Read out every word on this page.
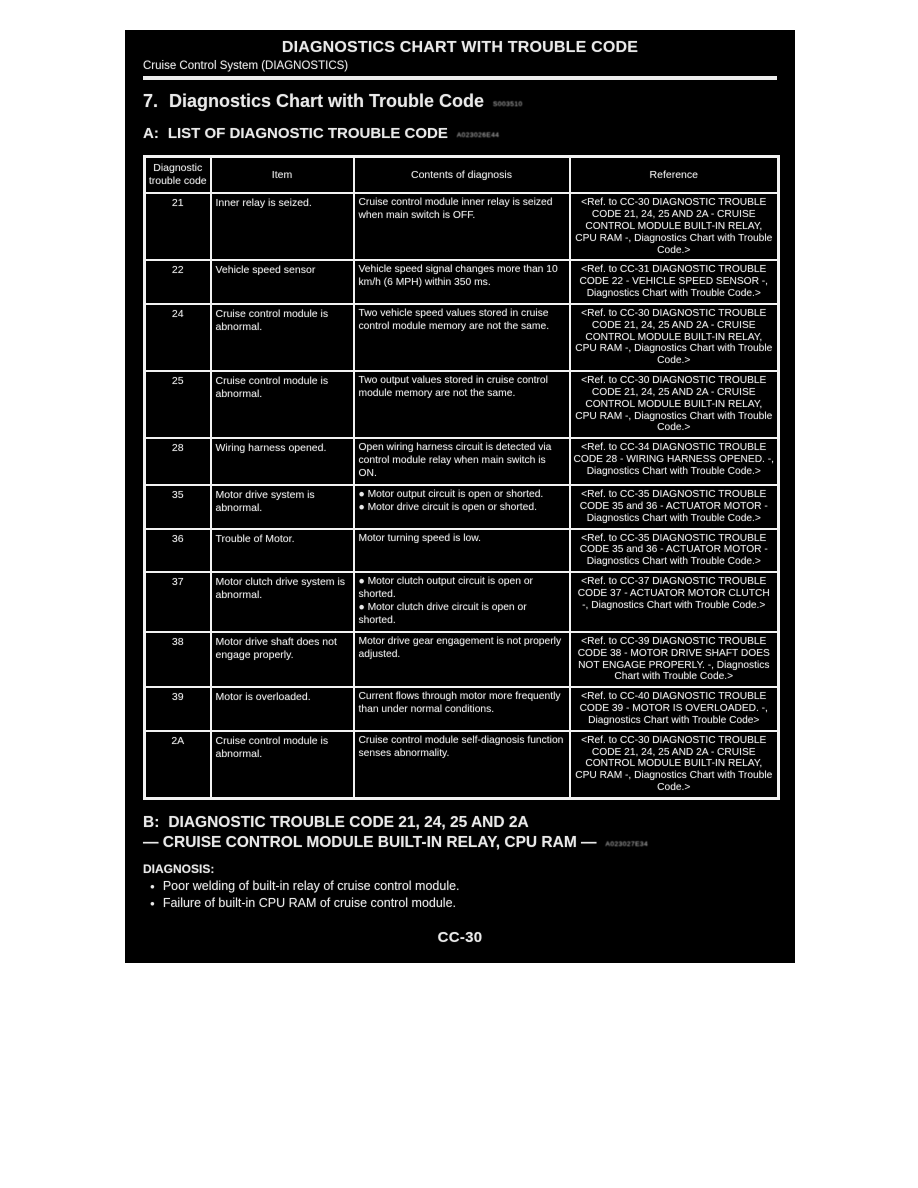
DIAGNOSTICS CHART WITH TROUBLE CODE
Cruise Control System (DIAGNOSTICS)
7. Diagnostics Chart with Trouble Code S003510
A: LIST OF DIAGNOSTIC TROUBLE CODE A023026E44
Diagnostic trouble code	Item	Contents of diagnosis	Reference
21	Inner relay is seized.	Cruise control module inner relay is seized when main switch is OFF.	<Ref. to CC-30 DIAGNOSTIC TROUBLE CODE 21, 24, 25 AND 2A - CRUISE CONTROL MODULE BUILT-IN RELAY, CPU RAM -, Diagnostics Chart with Trouble Code.>
22	Vehicle speed sensor	Vehicle speed signal changes more than 10 km/h (6 MPH) within 350 ms.	<Ref. to CC-31 DIAGNOSTIC TROUBLE CODE 22 - VEHICLE SPEED SENSOR -, Diagnostics Chart with Trouble Code.>
24	Cruise control module is abnormal.	Two vehicle speed values stored in cruise control module memory are not the same.	<Ref. to CC-30 DIAGNOSTIC TROUBLE CODE 21, 24, 25 AND 2A - CRUISE CONTROL MODULE BUILT-IN RELAY, CPU RAM -, Diagnostics Chart with Trouble Code.>
25	Cruise control module is abnormal.	Two output values stored in cruise control module memory are not the same.	<Ref. to CC-30 DIAGNOSTIC TROUBLE CODE 21, 24, 25 AND 2A - CRUISE CONTROL MODULE BUILT-IN RELAY, CPU RAM -, Diagnostics Chart with Trouble Code.>
28	Wiring harness opened.	Open wiring harness circuit is detected via control module relay when main switch is ON.	<Ref. to CC-34 DIAGNOSTIC TROUBLE CODE 28 - WIRING HARNESS OPENED. -, Diagnostics Chart with Trouble Code.>
35	Motor drive system is abnormal.	● Motor output circuit is open or shorted.
● Motor drive circuit is open or shorted.	<Ref. to CC-35 DIAGNOSTIC TROUBLE CODE 35 and 36 - ACTUATOR MOTOR - Diagnostics Chart with Trouble Code.>
36	Trouble of Motor.	Motor turning speed is low.	<Ref. to CC-35 DIAGNOSTIC TROUBLE CODE 35 and 36 - ACTUATOR MOTOR - Diagnostics Chart with Trouble Code.>
37	Motor clutch drive system is abnormal.	● Motor clutch output circuit is open or shorted.
● Motor clutch drive circuit is open or shorted.	<Ref. to CC-37 DIAGNOSTIC TROUBLE CODE 37 - ACTUATOR MOTOR CLUTCH -, Diagnostics Chart with Trouble Code.>
38	Motor drive shaft does not engage properly.	Motor drive gear engagement is not properly adjusted.	<Ref. to CC-39 DIAGNOSTIC TROUBLE CODE 38 - MOTOR DRIVE SHAFT DOES NOT ENGAGE PROPERLY. -, Diagnostics Chart with Trouble Code.>
39	Motor is overloaded.	Current flows through motor more frequently than under normal conditions.	<Ref. to CC-40 DIAGNOSTIC TROUBLE CODE 39 - MOTOR IS OVERLOADED. -, Diagnostics Chart with Trouble Code>
2A	Cruise control module is abnormal.	Cruise control module self-diagnosis function senses abnormality.	<Ref. to CC-30 DIAGNOSTIC TROUBLE CODE 21, 24, 25 AND 2A - CRUISE CONTROL MODULE BUILT-IN RELAY, CPU RAM -, Diagnostics Chart with Trouble Code.>
B: DIAGNOSTIC TROUBLE CODE 21, 24, 25 AND 2A
— CRUISE CONTROL MODULE BUILT-IN RELAY, CPU RAM — A023027E34
DIAGNOSIS:
● Poor welding of built-in relay of cruise control module.
● Failure of built-in CPU RAM of cruise control module.
CC-30
